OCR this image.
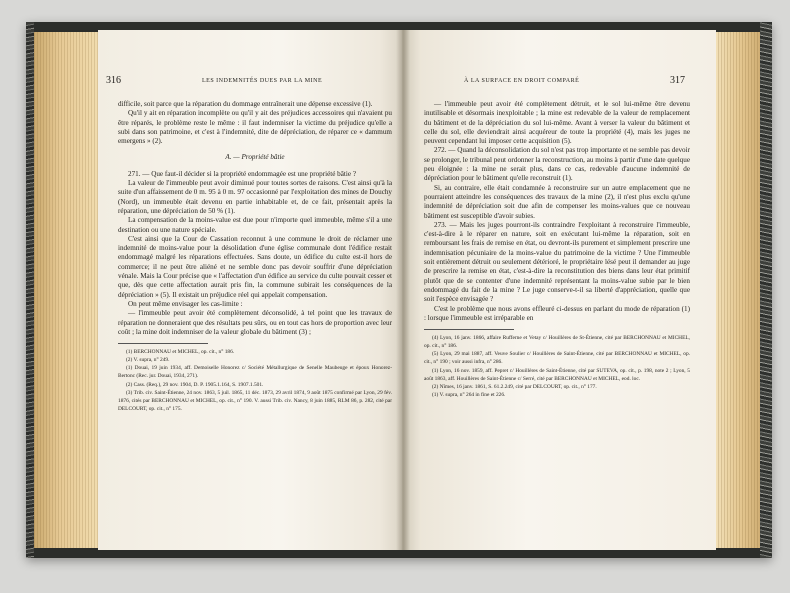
316	LES INDEMNITÉS DUES PAR LA MINE

difficile, soit parce que la réparation du dommage entraînerait une dépense excessive (1).

Qu'il y ait en réparation incomplète ou qu'il y ait des préjudices accessoires qui n'avaient pu être réparés, le problème reste le même : il faut indemniser la victime du préjudice qu'elle a subi dans son patrimoine, et c'est à l'indemnité, dite de dépréciation, de réparer ce « dammum emergens » (2).

A. — Propriété bâtie

271. — Que faut-il décider si la propriété endommagée est une propriété bâtie ?

La valeur de l'immeuble peut avoir diminué pour toutes sortes de raisons. C'est ainsi qu'à la suite d'un affaissement de 0 m. 95 à 0 m. 97 occasionné par l'exploitation des mines de Douchy (Nord), un immeuble était devenu en partie inhabitable et, de ce fait, présentait après la réparation, une dépréciation de 50 % (1).

La compensation de la moins-value est due pour n'importe quel immeuble, même s'il a une destination ou une nature spéciale.

C'est ainsi que la Cour de Cassation reconnut à une commune le droit de réclamer une indemnité de moins-value pour la désolidation d'une église communale dont l'édifice restait endommagé malgré les réparations effectuées. Sans doute, un édifice du culte est-il hors de commerce; il ne peut être aliéné et ne semble donc pas devoir souffrir d'une dépréciation vénale. Mais la Cour précise que « l'affectation d'un édifice au service du culte pouvait cesser et que, dès que cette affectation aurait pris fin, la commune subirait les conséquences de la dépréciation » (5). Il existait un préjudice réel qui appelait compensation.

On peut même envisager les cas-limite :

— l'immeuble peut avoir été complètement déconsolidé, à tel point que les travaux de réparation ne donneraient que des résultats peu sûrs, ou en tout cas hors de proportion avec leur coût ; la mine doit indemniser de la valeur globale du bâtiment (3) ;

(1) BERCHONNAU et MICHEL, op. cit., n° 186.

(2) V. supra, n° 249.

(1) Douai, 19 juin 1934, aff. Demoiselle Honorez c/ Société Métallurgique de Senelle Maubeuge et époux Honorez-Bertonc (Rec. jur. Douai, 1934, 271).

(2) Cass. (Req.), 29 nov. 1904, D. P. 1905.1.164, S. 1907.1.501.

(3) Trib. civ. Saint-Étienne, 24 nov. 1863, 5 juil. 1865, 11 déc. 1873, 29 avril 1874, 9 août 1875 confirmé par Lyon, 29 fév. 1876, cités par BERCHONNAU et MICHEL, op. cit., n° 190. V. aussi Trib. civ. Nancy, 8 juin 1885, RLM 86, p. 282, cité par DELCOURT, op. cit., n° 175.

À LA SURFACE EN DROIT COMPARÉ	317

— l'immeuble peut avoir été complètement détruit, et le sol lui-même être devenu inutilisable et désormais inexploitable ; la mine est redevable de la valeur de remplacement du bâtiment et de la dépréciation du sol lui-même. Avant à verser la valeur du bâtiment et celle du sol, elle deviendrait ainsi acquéreur de toute la propriété (4), mais les juges ne peuvent cependant lui imposer cette acquisition (5).

272. — Quand la déconsolidation du sol n'est pas trop importante et ne semble pas devoir se prolonger, le tribunal peut ordonner la reconstruction, au moins à partir d'une date quelque peu éloignée : la mine ne serait plus, dans ce cas, redevable d'aucune indemnité de dépréciation pour le bâtiment qu'elle reconstruit (1).

Si, au contraire, elle était condamnée à reconstruire sur un autre emplacement que ne pourraient atteindre les conséquences des travaux de la mine (2), il n'est plus exclu qu'une indemnité de dépréciation soit due afin de compenser les moins-values que ce nouveau bâtiment est susceptible d'avoir subies.

273. — Mais les juges pourront-ils contraindre l'exploitant à reconstruire l'immeuble, c'est-à-dire à le réparer en nature, soit en exécutant lui-même la réparation, soit en remboursant les frais de remise en état, ou devront-ils purement et simplement prescrire une indemnisation pécuniaire de la moins-value du patrimoine de la victime ? Une l'immeuble soit entièrement détruit ou seulement détérioré, le propriétaire lésé peut il demander au juge de prescrire la remise en état, c'est-à-dire la reconstitution des biens dans leur état primitif plutôt que de se contenter d'une indemnité représentant la moins-value subie par le bien endommagé du fait de la mine ? Le juge conserve-t-il sa liberté d'appréciation, quelle que soit l'espèce envisagée ?

C'est le problème que nous avons effleuré ci-dessus en parlant du mode de réparation (1) : lorsque l'immeuble est irréparable en

(4) Lyon, 16 janv. 1866, affaire Rufferne et Vetay c/ Houillères de St-Étienne, cité par BERCHONNAU et MICHEL, op. cit., n° 186.

(5) Lyon, 29 mai 1887, aff. Veuve Soulier c/ Houillères de Saint-Étienne, cité par BERCHONNAU et MICHEL, op. cit., n° 190 ; voir aussi infra, n° 286.

(1) Lyon, 16 nov. 1859, aff. Pepret c/ Houillères de Saint-Étienne, cité par SUTEVA, op. cit., p. 198, note 2 ; Lyon, 5 août 1863, aff. Houillères de Saint-Étienne c/ Serré, cité par BERCHONNAU et MICHEL, eod. loc.

(2) Nîmes, 16 janv. 1861, S. 61.2.249, cité par DELCOURT, op. cit., n° 177.

(1) V. supra, n° 264 in fine et 226.
